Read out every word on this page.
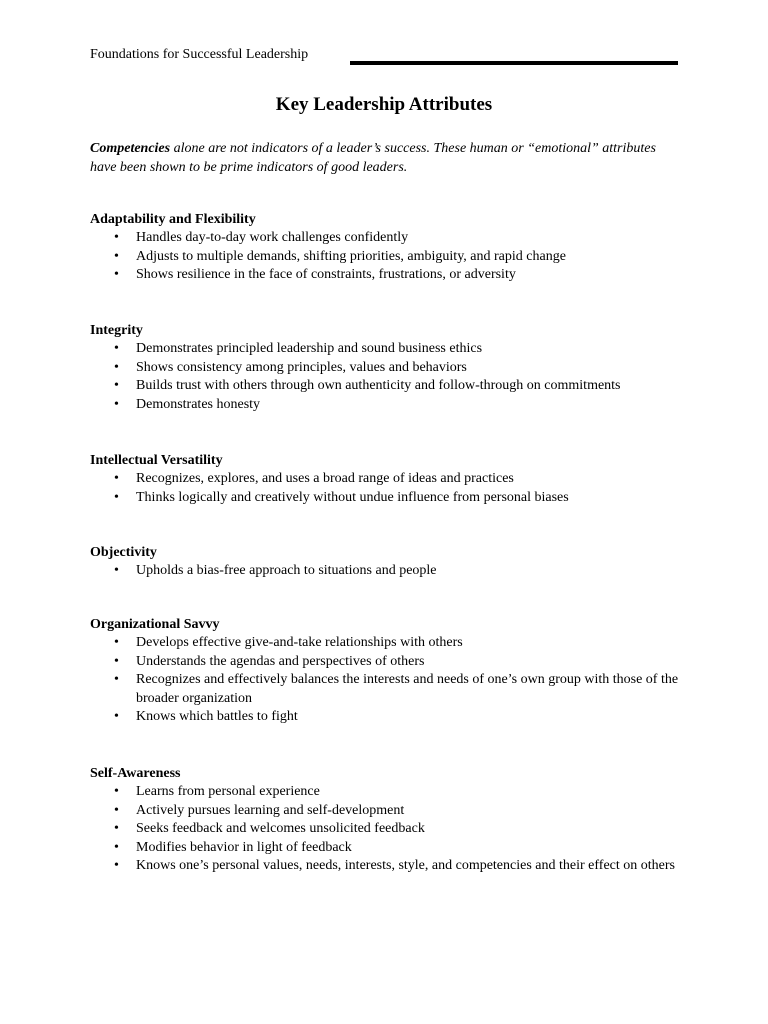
Foundations for Successful Leadership
Key Leadership Attributes

Competencies alone are not indicators of a leader’s success. These human or “emotional” attributes have been shown to be prime indicators of good leaders.

Adaptability and Flexibility
• Handles day-to-day work challenges confidently
• Adjusts to multiple demands, shifting priorities, ambiguity, and rapid change
• Shows resilience in the face of constraints, frustrations, or adversity
Integrity
• Demonstrates principled leadership and sound business ethics
• Shows consistency among principles, values and behaviors
• Builds trust with others through own authenticity and follow-through on commitments
• Demonstrates honesty
Intellectual Versatility
• Recognizes, explores, and uses a broad range of ideas and practices
• Thinks logically and creatively without undue influence from personal biases
Objectivity
• Upholds a bias-free approach to situations and people
Organizational Savvy
• Develops effective give-and-take relationships with others
• Understands the agendas and perspectives of others
• Recognizes and effectively balances the interests and needs of one’s own group with those of the broader organization
• Knows which battles to fight
Self-Awareness
• Learns from personal experience
• Actively pursues learning and self-development
• Seeks feedback and welcomes unsolicited feedback
• Modifies behavior in light of feedback
• Knows one’s personal values, needs, interests, style, and competencies and their effect on others
